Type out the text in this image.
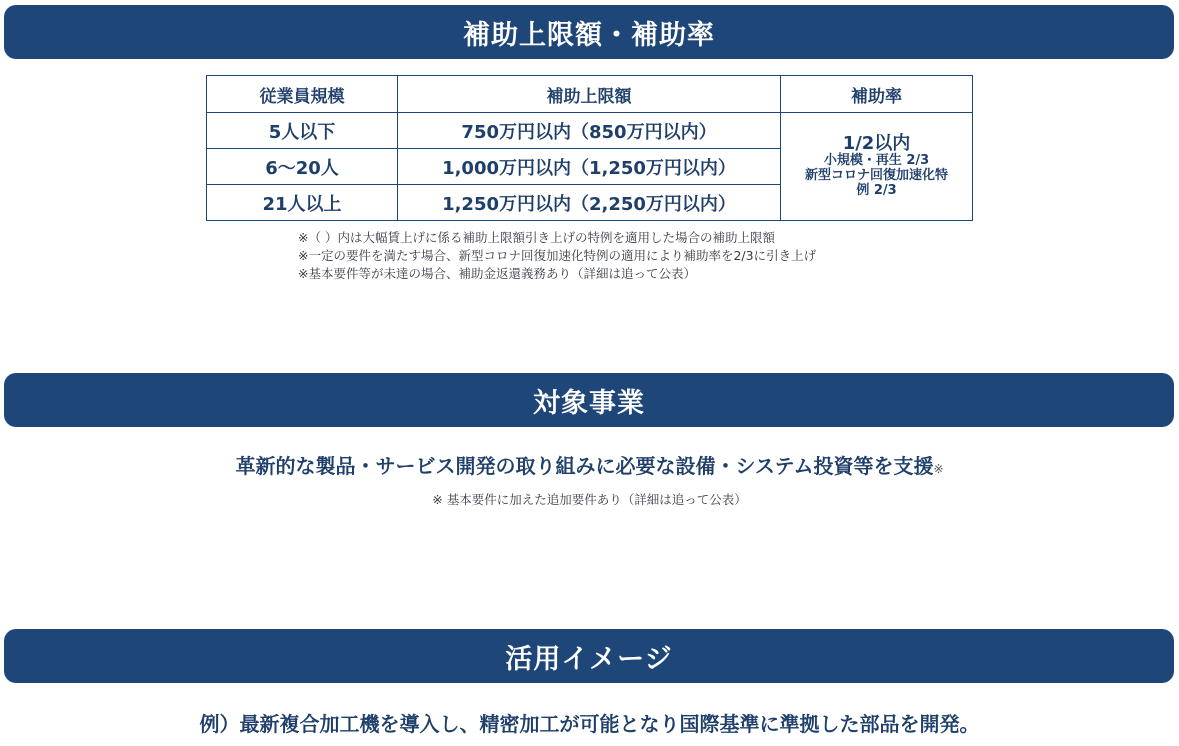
補助上限額・補助率
従業員規模	補助上限額	補助率
5人以下	750万円以内（850万円以内）	1/2以内
小規模・再生 2/3
新型コロナ回復加速化特
例 2/3

6～20人	1,000万円以内（1,250万円以内）	
21人以上	1,250万円以内（2,250万円以内）	
※（ ）内は大幅賃上げに係る補助上限額引き上げの特例を適用した場合の補助上限額
※一定の要件を満たす場合、新型コロナ回復加速化特例の適用により補助率を2/3に引き上げ
※基本要件等が未達の場合、補助金返還義務あり（詳細は追って公表）
対象事業
革新的な製品・サービス開発の取り組みに必要な設備・システム投資等を支援※
※ 基本要件に加えた追加要件あり（詳細は追って公表）
活用イメージ
例）最新複合加工機を導入し、精密加工が可能となり国際基準に準拠した部品を開発。
